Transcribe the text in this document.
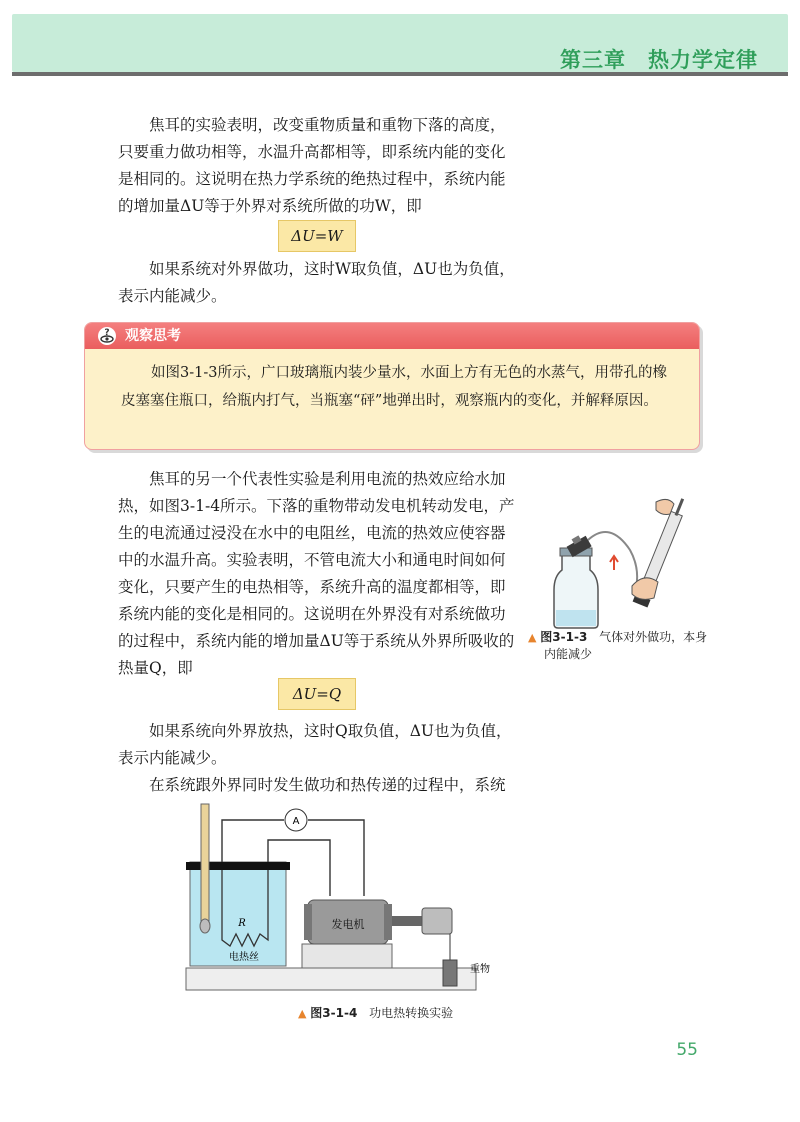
第三章　热力学定律

焦耳的实验表明，改变重物质量和重物下落的高度，只要重力做功相等，水温升高都相等，即系统内能的变化是相同的。这说明在热力学系统的绝热过程中，系统内能的增加量ΔU等于外界对系统所做的功W，即

ΔU=W

如果系统对外界做功，这时W取负值，ΔU也为负值，表示内能减少。

? 观察思考
如图3-1-3所示，广口玻璃瓶内装少量水，水面上方有无色的水蒸气，用带孔的橡皮塞塞住瓶口，给瓶内打气，当瓶塞“砰”地弹出时，观察瓶内的变化，并解释原因。

焦耳的另一个代表性实验是利用电流的热效应给水加热，如图3-1-4所示。下落的重物带动发电机转动发电，产生的电流通过浸没在水中的电阻丝，电流的热效应使容器中的水温升高。实验表明，不管电流大小和通电时间如何变化，只要产生的电热相等，系统升高的温度都相等，即系统内能的变化是相同的。这说明在外界没有对系统做功的过程中，系统内能的增加量ΔU等于系统从外界所吸收的热量Q，即

ΔU=Q

如果系统向外界放热，这时Q取负值，ΔU也为负值，表示内能减少。

在系统跟外界同时发生做功和热传递的过程中，系统

▲ 图3-1-3 气体对外做功，本身
内能减少
A
R
电热丝
发电机
重物
▲ 图3-1-4 功电热转换实验
55
